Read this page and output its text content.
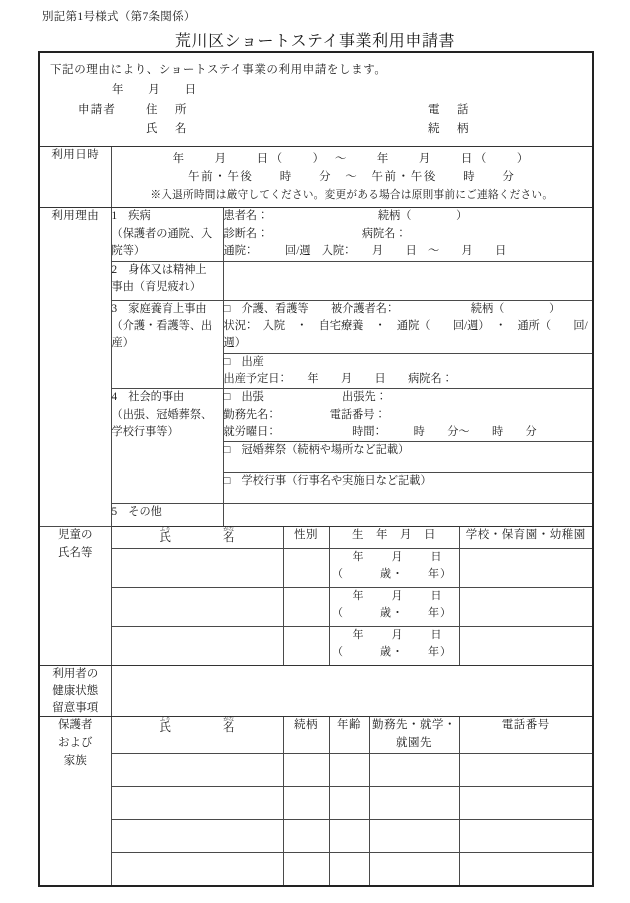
別記第1号様式（第7条関係）
荒川区ショートステイ事業利用申請書
下記の理由により、ショートステイ事業の利用申請をします。
年　　月　　日
申請者	住　所	電　話
氏　名	続　柄

利用日時	年　　月　　日（　　）　～　　年　　月　　日（　　）
午前・午後　　時　　分　～　午前・午後　　時　　分
※入退所時間は厳守してください。変更がある場合は原則事前にご連絡ください。					

利用理由	1　疾病
（保護者の通院、入
院等）

患者名：	続柄（　　　　）
診断名：	病院名：
通院：　　　回/週　入院：　　月　　日　～　　月　　日

	2　身体又は精神上
事由（育児疲れ）					

3　家庭養育上事由
（介護・看護等、出
産）

□　介護、看護等　　被介護者名：　　　　　　　続柄（　　　　）
状況：　入院　・　自宅療養　・　通院（　　回/週）　・　通所（　　回/週）

		□　出産
出産予定日：　　年　　月　　日　　病院名：				

4　社会的事由
（出張、冠婚葬祭、
学校行事等）

□　出張　　　　　　　出張先：
勤務先名：　　　　　電話番号：
就労曜日：　　　　　　　時間：　　　時　　分～　　時　　分

		□　冠婚葬祭（続柄や場所など記載）				

		□　学校行事（行事名や実施日など記載）				

	5　その他					

児童の
氏名等	氏ふり名がな		性別	生　年　月　日		学校・保育園・幼稚園

				年　　月　　日
（　　　歳・　　年）		

				年　　月　　日
（　　　歳・　　年）		

				年　　月　　日
（　　　歳・　　年）		

利用者の
健康状態
留意事項						

保護者
および
家族	氏ふり名がな		続柄	年齢	勤務先・就学・就園先	電話番号
